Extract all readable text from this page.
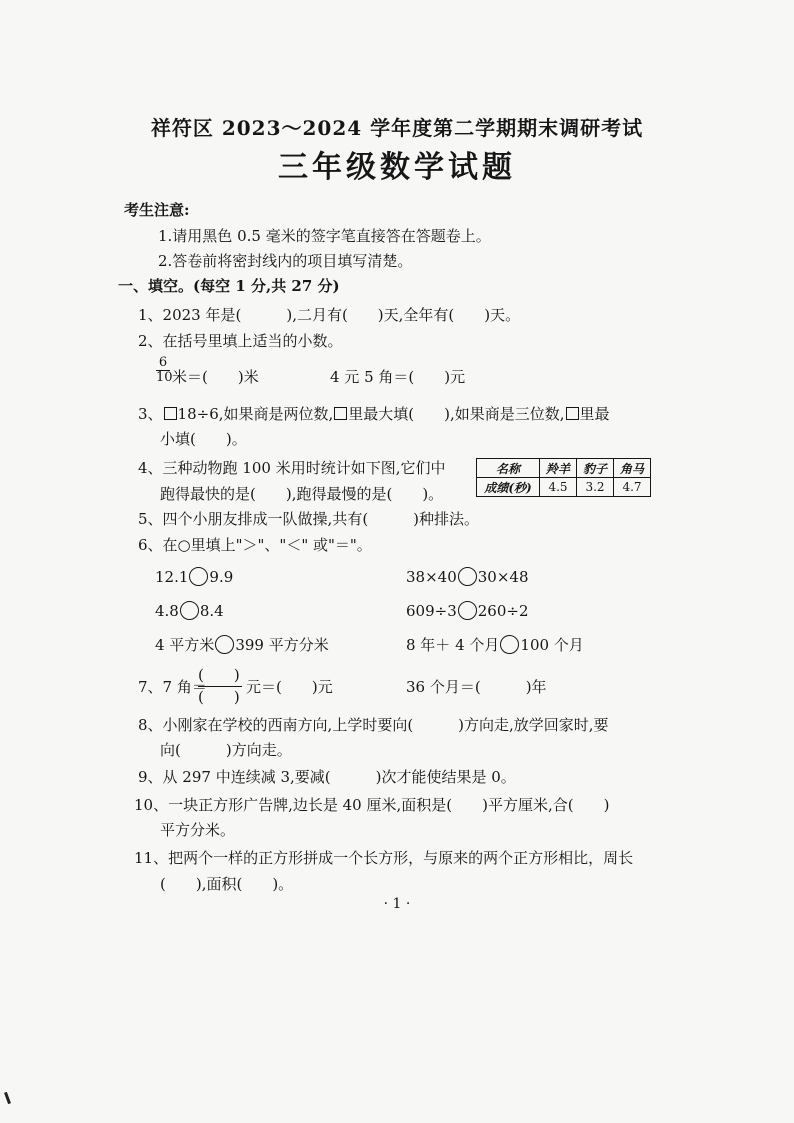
祥符区 2023～2024 学年度第二学期期末调研考试
三年级数学试题
考生注意:
1.请用黑色 0.5 毫米的签字笔直接答在答题卷上。
2.答卷前将密封线内的项目填写清楚。
一、填空。(每空 1 分,共 27 分)
1、2023 年是(　　　),二月有(　　)天,全年有(　　)天。
2、在括号里填上适当的小数。
$\frac{6}{10}$ 米＝(　　)米	4 元 5 角＝(　　)元
3、 18÷6,如果商是两位数, 里最大填(　　),如果商是三位数, 里最
小填(　　)。
4、三种动物跑 100 米用时统计如下图,它们中
跑得最快的是(　　),跑得最慢的是(　　)。
名称	羚羊	豹子	角马
成绩(秒)	4.5	3.2	4.7
5、四个小朋友排成一队做操,共有(　　　)种排法。
6、在○里填上"＞"、"＜" 或"＝"。
12.1 9.9	38×40 30×48
4.8 8.4	609÷3 260÷2
4 平方米 399 平方分米	8 年＋ 4 个月 100 个月
7、7 角＝
(　　)
(　　)
元＝(　　)元	36 个月＝(　　　)年
8、小刚家在学校的西南方向,上学时要向(　　　)方向走,放学回家时,要
向(　　　)方向走。
9、从 297 中连续减 3,要减(　　　)次才能使结果是 0。
10、一块正方形广告牌,边长是 40 厘米,面积是(　　)平方厘米,合(　　)
平方分米。
11、把两个一样的正方形拼成一个长方形，与原来的两个正方形相比，周长
(　　),面积(　　)。
· 1 ·
